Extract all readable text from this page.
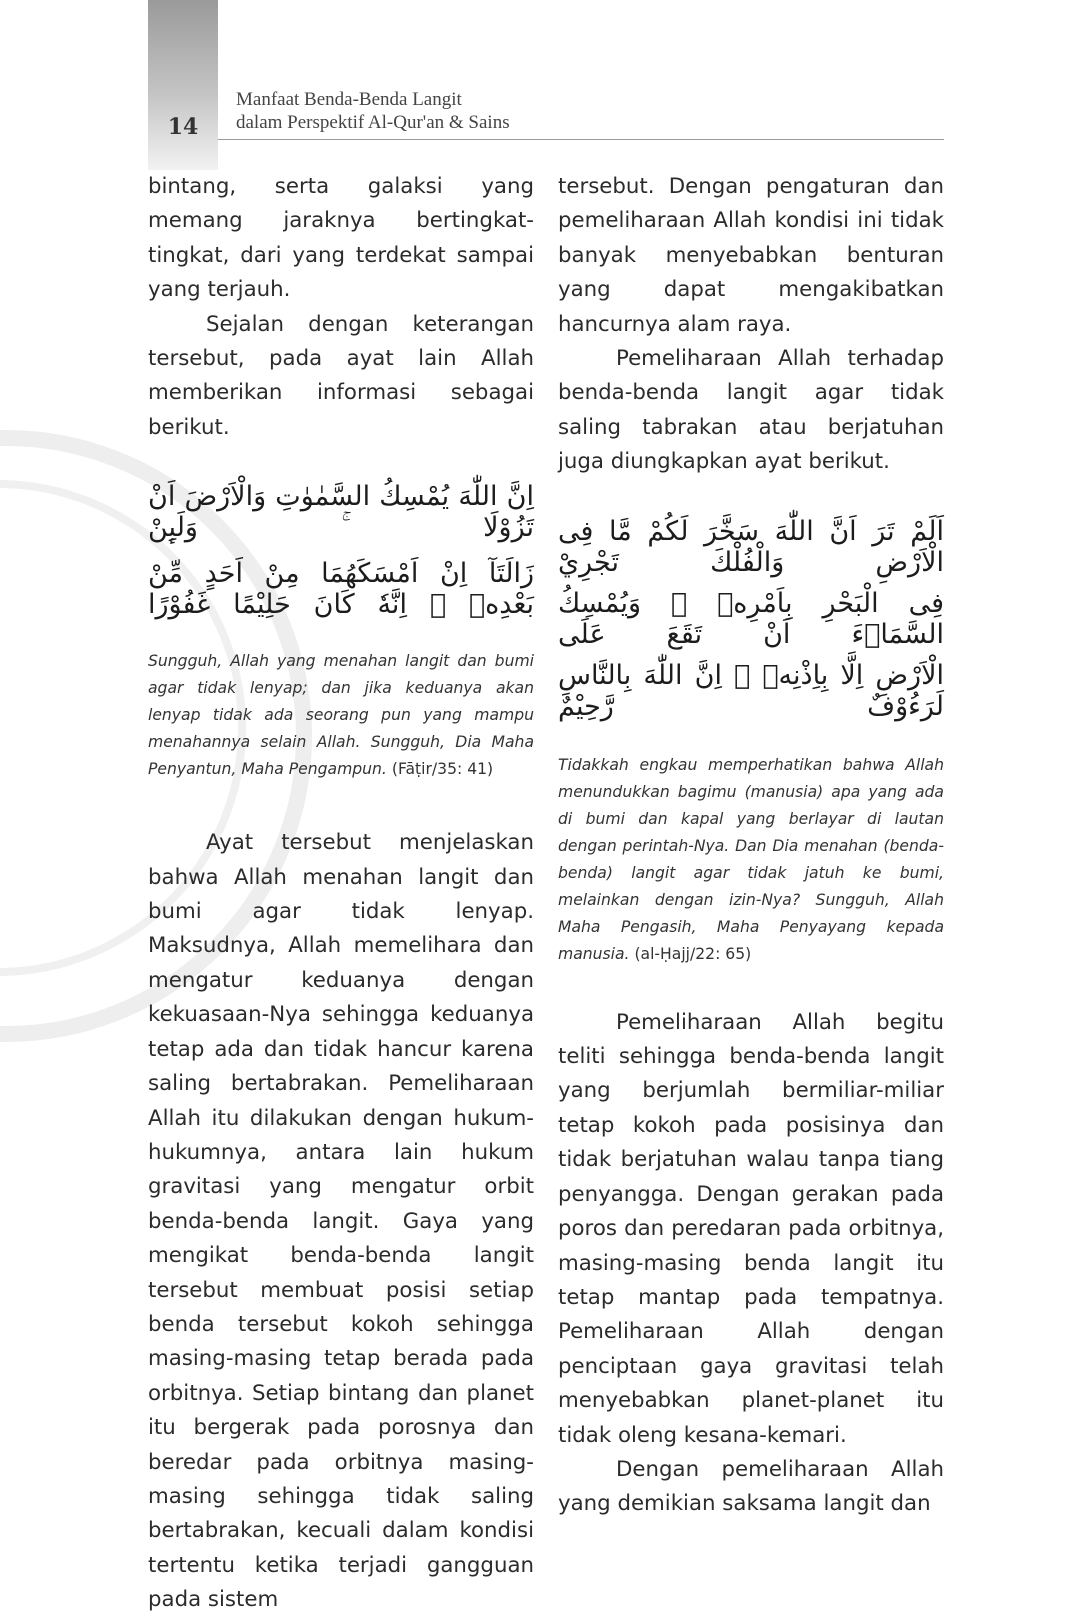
14
Manfaat Benda-Benda Langit
dalam Perspektif Al-Qur'an & Sains

bintang, serta galaksi yang memang jaraknya bertingkat-tingkat, dari yang terdekat sampai yang terjauh.

Sejalan dengan keterangan tersebut, pada ayat lain Allah memberikan informasi sebagai berikut.

اِنَّ اللّٰهَ يُمْسِكُ السَّمٰوٰتِ وَالْاَرْضَ اَنْ تَزُوْلَا ۚ وَلَىِٕنْ

زَالَتَآ اِنْ اَمْسَكَهُمَا مِنْ اَحَدٍ مِّنْ بَعْدِهٖ ۗ اِنَّهٗ كَانَ حَلِيْمًا غَفُوْرًا

Sungguh, Allah yang menahan langit dan bumi agar tidak lenyap; dan jika keduanya akan lenyap tidak ada seorang pun yang mampu menahannya selain Allah. Sungguh, Dia Maha Penyantun, Maha Pengampun. (Fāṭir/35: 41)

Ayat tersebut menjelaskan bahwa Allah menahan langit dan bumi agar tidak lenyap. Maksudnya, Allah memelihara dan mengatur keduanya dengan kekuasaan-Nya sehingga keduanya tetap ada dan tidak hancur karena saling bertabrakan. Pemeliharaan Allah itu dilakukan dengan hukum-hukumnya, antara lain hukum gravitasi yang mengatur orbit benda-benda langit. Gaya yang mengikat benda-benda langit tersebut membuat posisi setiap benda tersebut kokoh sehingga masing-masing tetap berada pada orbitnya. Setiap bintang dan planet itu bergerak pada porosnya dan beredar pada orbitnya masing-masing sehingga tidak saling bertabrakan, kecuali dalam kondisi tertentu ketika terjadi gangguan pada sistem

tersebut. Dengan pengaturan dan pemeliharaan Allah kondisi ini tidak banyak menyebabkan benturan yang dapat mengakibatkan hancurnya alam raya.

Pemeliharaan Allah terhadap benda-benda langit agar tidak saling tabrakan atau berjatuhan juga diungkapkan ayat berikut.

اَلَمْ تَرَ اَنَّ اللّٰهَ سَخَّرَ لَكُمْ مَّا فِى الْاَرْضِ وَالْفُلْكَ تَجْرِيْ

فِى الْبَحْرِ بِاَمْرِهٖ ۗ وَيُمْسِكُ السَّمَاۤءَ اَنْ تَقَعَ عَلَى

الْاَرْضِ اِلَّا بِاِذْنِهٖ ۗ اِنَّ اللّٰهَ بِالنَّاسِ لَرَءُوْفٌ رَّحِيْمٌ

Tidakkah engkau memperhatikan bahwa Allah menundukkan bagimu (manusia) apa yang ada di bumi dan kapal yang berlayar di lautan dengan perintah-Nya. Dan Dia menahan (benda-benda) langit agar tidak jatuh ke bumi, melainkan dengan izin-Nya? Sungguh, Allah Maha Pengasih, Maha Penyayang kepada manusia. (al-Ḥajj/22: 65)

Pemeliharaan Allah begitu teliti sehingga benda-benda langit yang berjumlah bermiliar-miliar tetap kokoh pada posisinya dan tidak berjatuhan walau tanpa tiang penyangga. Dengan gerakan pada poros dan peredaran pada orbitnya, masing-masing benda langit itu tetap mantap pada tempatnya. Pemeliharaan Allah dengan penciptaan gaya gravitasi telah menyebabkan planet-planet itu tidak oleng kesana-kemari.

Dengan pemeliharaan Allah yang demikian saksama langit dan
